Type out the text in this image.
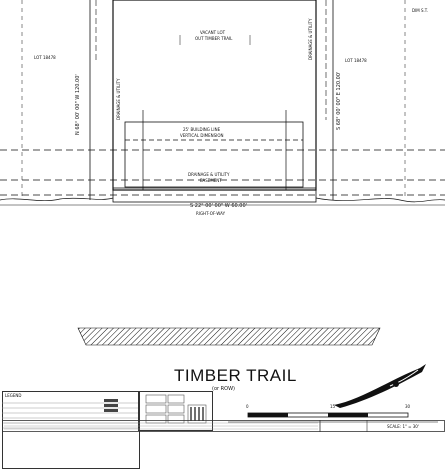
VACANT LOT
OUT TIMBER TRAIL
LOT 18478
LOT 18478
DIM S.T.
25' BUILDING LINE
VERTICAL DIMENSION
DRAINAGE & UTILITY
EASEMENT
S 22° 00' 00" W 60.00'
RIGHT-OF-WAY
N 68° 00' 00" W 120.00'	S 68° 00' 00" E 120.00'
DRAINAGE & UTILITY
DRAINAGE & UTILITY
TIMBER TRAIL
(or ROW)
LEGEND
0	15	30
SCALE: 1" = 30'
